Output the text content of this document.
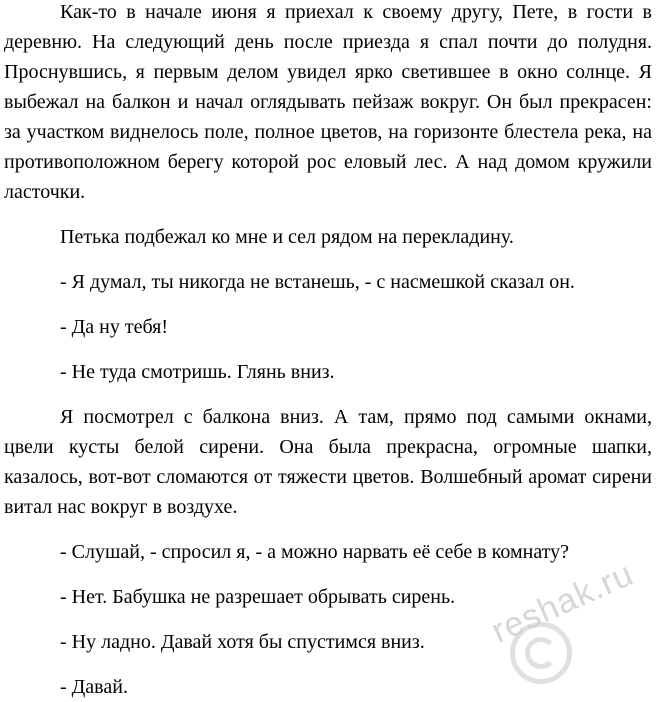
Как-то в начале июня я приехал к своему другу, Пете, в гости в деревню. На следующий день после приезда я спал почти до полудня. Проснувшись, я первым делом увидел ярко светившее в окно солнце. Я выбежал на балкон и начал оглядывать пейзаж вокруг. Он был прекрасен: за участком виднелось поле, полное цветов, на горизонте блестела река, на противоположном берегу которой рос еловый лес. А над домом кружили ласточки.

Петька подбежал ко мне и сел рядом на перекладину.

- Я думал, ты никогда не встанешь, - с насмешкой сказал он.

- Да ну тебя!

- Не туда смотришь. Глянь вниз.

Я посмотрел с балкона вниз. А там, прямо под самыми окнами, цвели кусты белой сирени. Она была прекрасна, огромные шапки, казалось, вот-вот сломаются от тяжести цветов. Волшебный аромат сирени витал нас вокруг в воздухе.

- Слушай, - спросил я, - а можно нарвать её себе в комнату?

- Нет. Бабушка не разрешает обрывать сирень.

- Ну ладно. Давай хотя бы спустимся вниз.

- Давай.

reshak.ru
